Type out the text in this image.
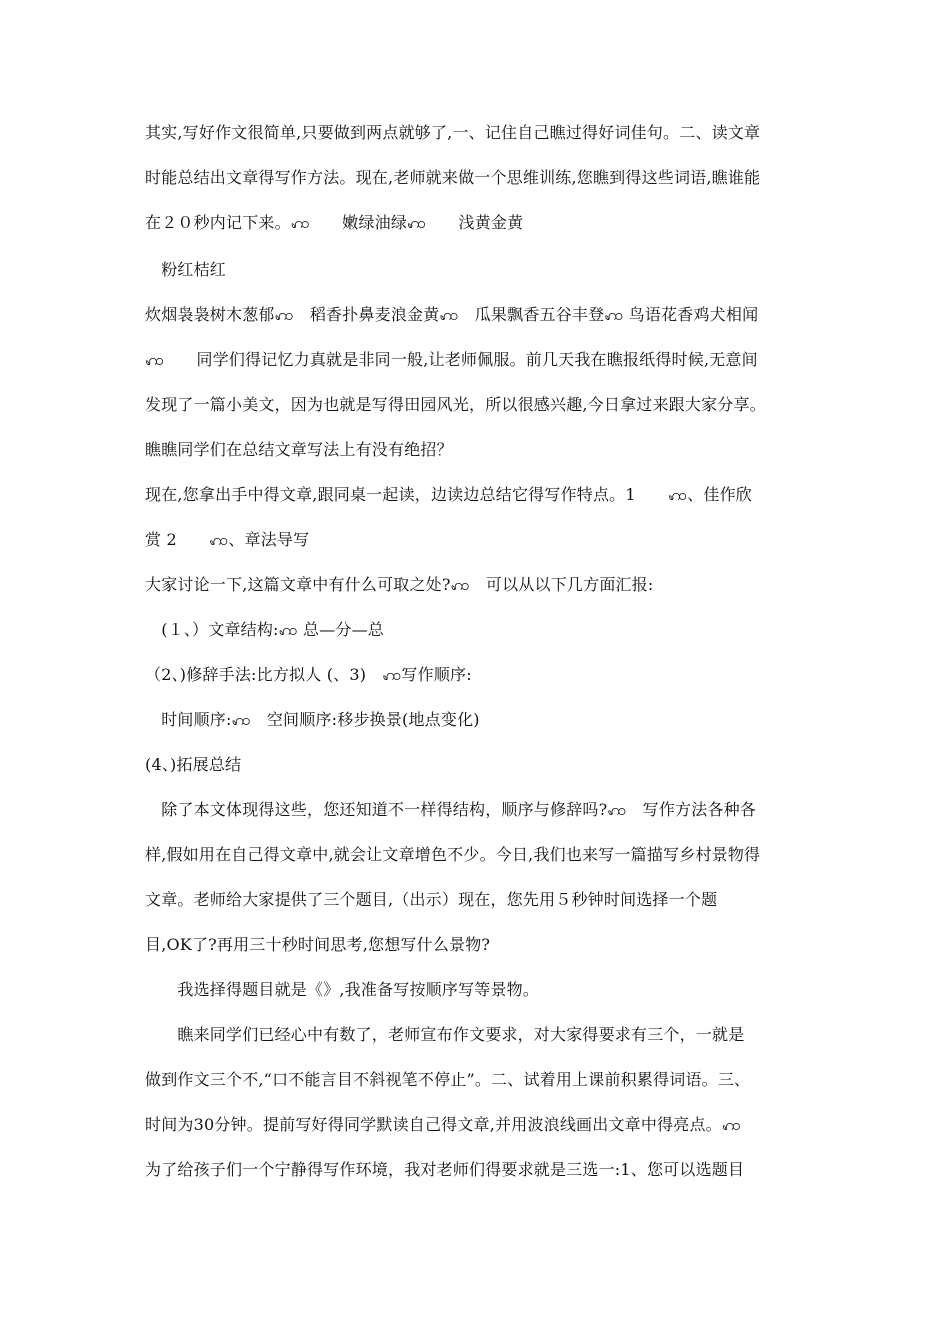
其实,写好作文很简单,只要做到两点就够了,一、记住自己瞧过得好词佳句。二、读文章
时能总结出文章得写作方法。现在,老师就来做一个思维训练,您瞧到得这些词语,瞧谁能
在２０秒内记下来。ꩲ　　嫩绿油绿ꩲ　　浅黄金黄
　粉红桔红
炊烟袅袅树木葱郁ꩲ　稻香扑鼻麦浪金黄ꩲ　瓜果飘香五谷丰登ꩲ 鸟语花香鸡犬相闻
ꩲ　　同学们得记忆力真就是非同一般,让老师佩服。前几天我在瞧报纸得时候,无意间
发现了一篇小美文，因为也就是写得田园风光，所以很感兴趣,今日拿过来跟大家分享。
瞧瞧同学们在总结文章写法上有没有绝招？
现在,您拿出手中得文章,跟同桌一起读，边读边总结它得写作特点。1　　ꩲ、佳作欣
赏 2　　ꩲ、章法导写
大家讨论一下,这篇文章中有什么可取之处?ꩲ　可以从以下几方面汇报:
　(１、）文章结构:ꩲ 总—分—总
（2、)修辞手法:比方拟人 (、3)　ꩲ写作顺序:
　时间顺序:ꩲ　空间顺序:移步换景(地点变化)
(4、)拓展总结
　除了本文体现得这些，您还知道不一样得结构，顺序与修辞吗?ꩲ　写作方法各种各
样,假如用在自己得文章中,就会让文章增色不少。今日,我们也来写一篇描写乡村景物得
文章。老师给大家提供了三个题目,（出示）现在，您先用５秒钟时间选择一个题
目,OK了?再用三十秒时间思考,您想写什么景物?
　　我选择得题目就是《》,我准备写按顺序写等景物。
　　瞧来同学们已经心中有数了，老师宣布作文要求，对大家得要求有三个，一就是
做到作文三个不,“口不能言目不斜视笔不停止”。二、试着用上课前积累得词语。三、
时间为30分钟。提前写好得同学默读自己得文章,并用波浪线画出文章中得亮点。ꩲ
为了给孩子们一个宁静得写作环境，我对老师们得要求就是三选一:1、您可以选题目
